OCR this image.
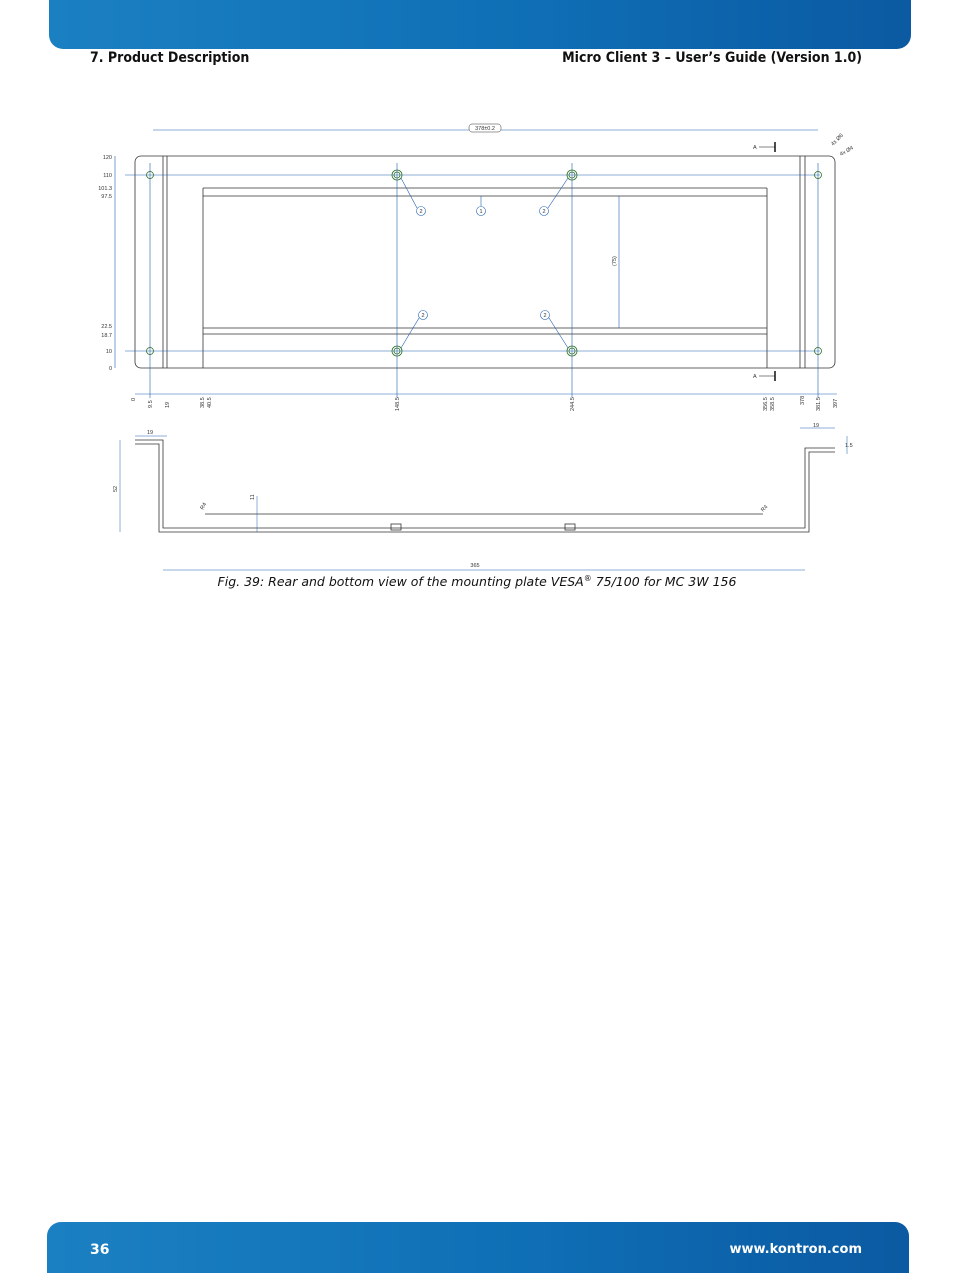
7. Product Description	Micro Client 3 – User’s Guide (Version 1.0)
2	1	2
2	2
378±0.2
A
A
4x Ø6
4x Ø4
(75)
120
110
101.3
97.5
22.5
18.7
10
0
0
9.5 19	38.5 40.5	148.5	244.5	356.5 358.5	378 381.5 397
19
19
52
11
R4	R4
365
1.5
Fig. 39: Rear and bottom view of the mounting plate VESA® 75/100 for MC 3W 156
36	www.kontron.com
